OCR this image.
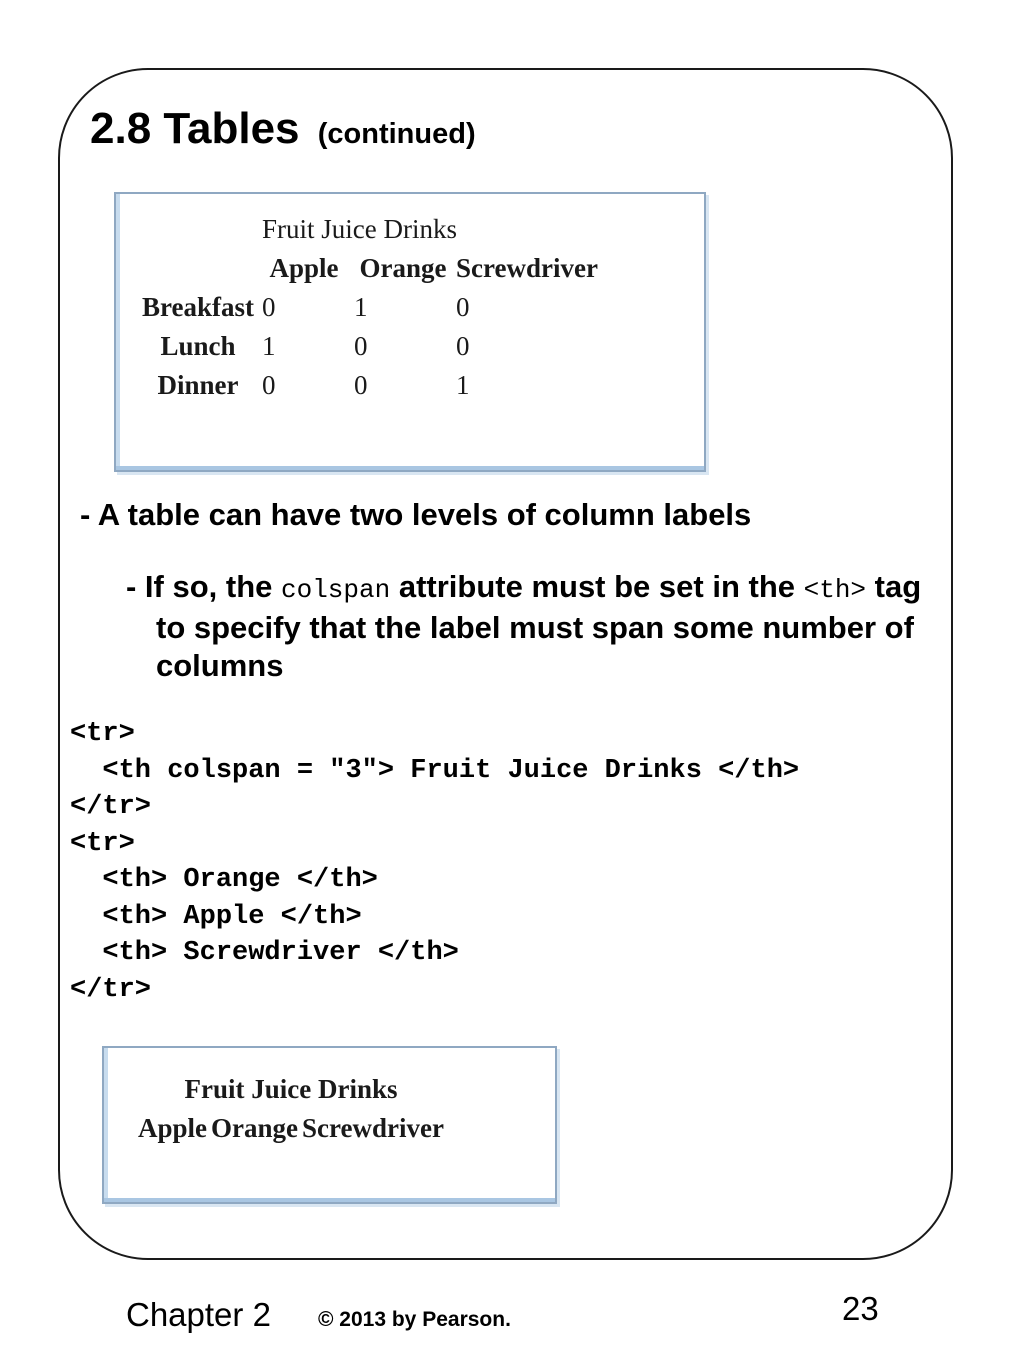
2.8 Tables (continued)
	Fruit Juice Drinks		
	Apple	Orange	Screwdriver
Breakfast	0	1	0
Lunch	1	0	0
Dinner	0	0	1

- A table can have two levels of column labels

- If so, the colspan attribute must be set in the <th> tag to specify that the label must span some number of columns

<tr>
<th colspan = "3"> Fruit Juice Drinks </th>
</tr>
<tr>
<th> Orange </th>
<th> Apple </th>
<th> Screwdriver </th>
</tr>
Fruit Juice Drinks
Apple	Orange	Screwdriver
Chapter 2 © 2013 by Pearson.	23
